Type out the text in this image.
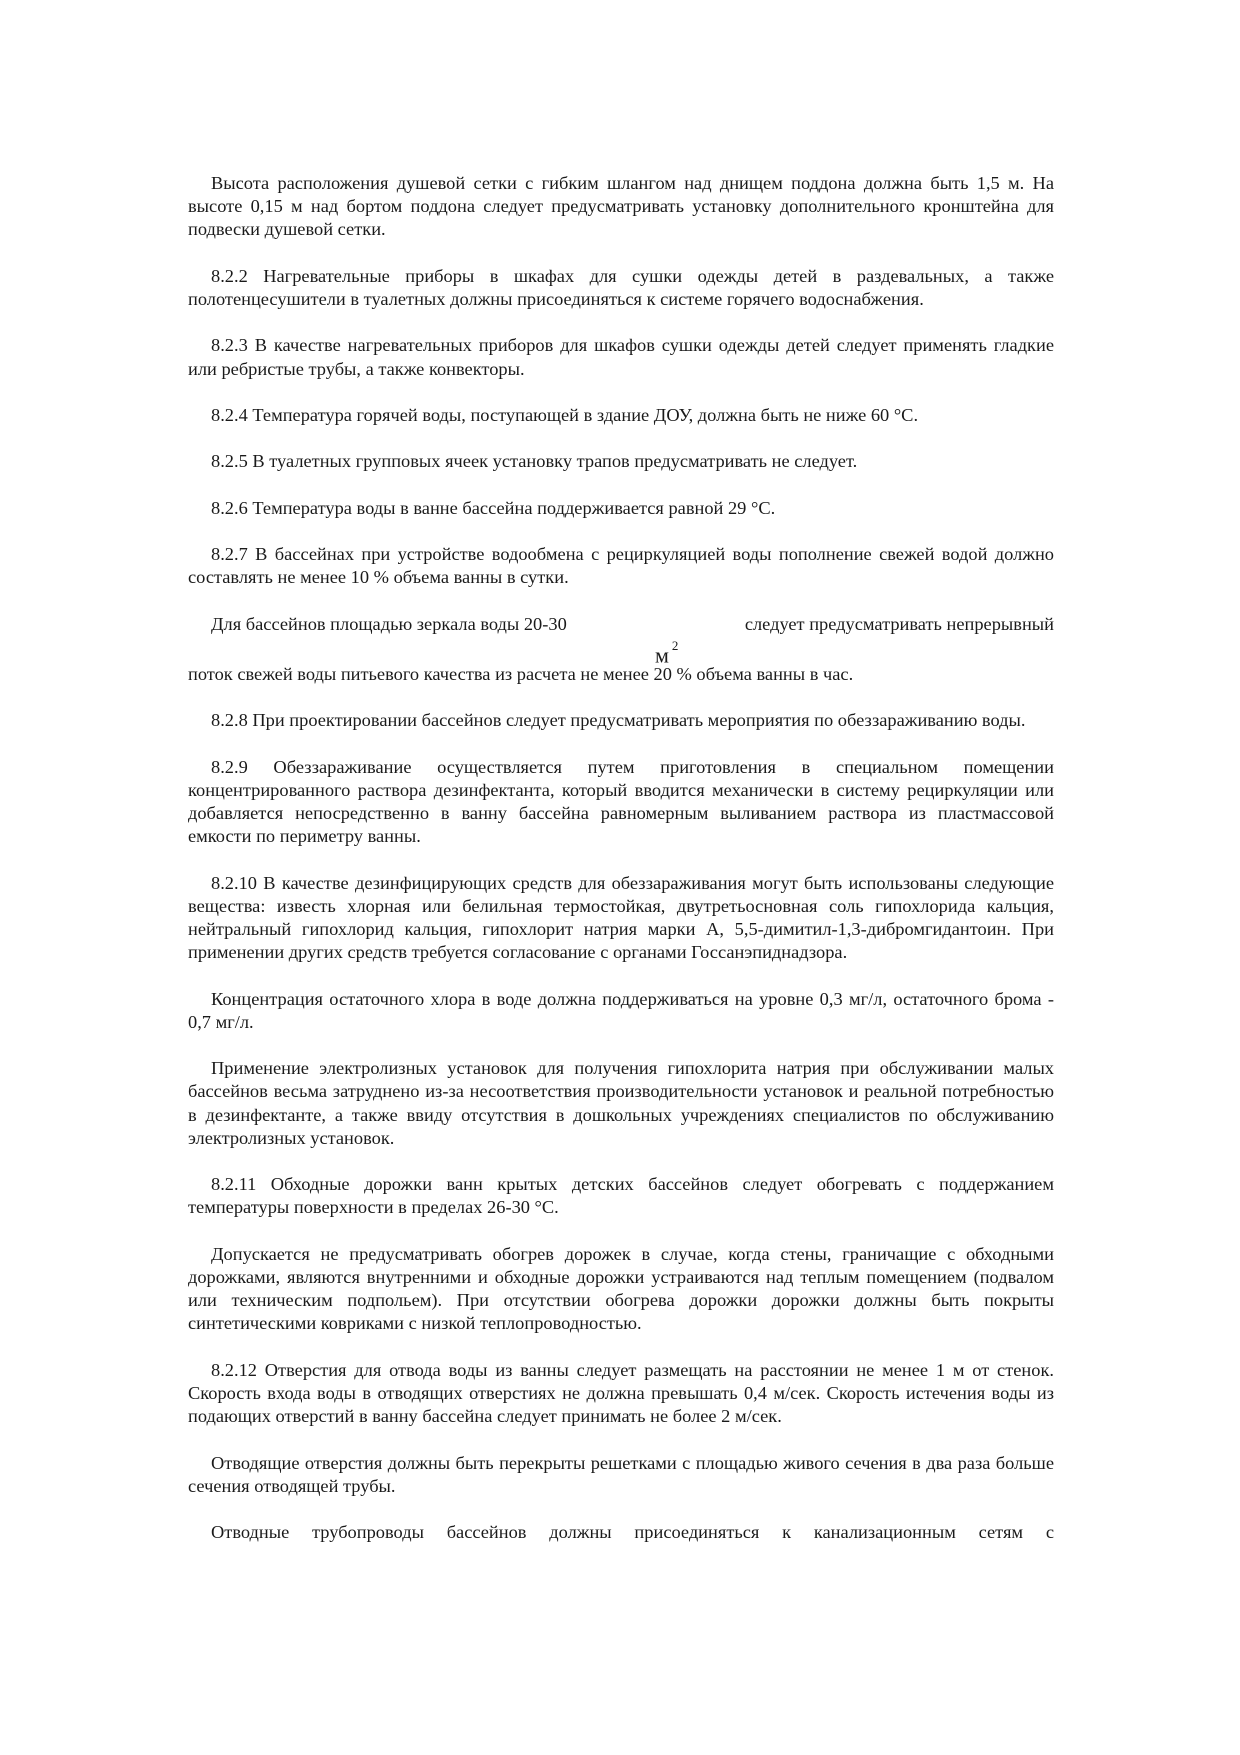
Высота расположения душевой сетки с гибким шлангом над днищем поддона должна быть 1,5 м. На высоте 0,15 м над бортом поддона следует предусматривать установку дополнительного кронштейна для подвески душевой сетки.

8.2.2 Нагревательные приборы в шкафах для сушки одежды детей в раздевальных, а также полотенцесушители в туалетных должны присоединяться к системе горячего водоснабжения.

8.2.3 В качестве нагревательных приборов для шкафов сушки одежды детей следует применять гладкие или ребристые трубы, а также конвекторы.

8.2.4 Температура горячей воды, поступающей в здание ДОУ, должна быть не ниже 60 °С.

8.2.5 В туалетных групповых ячеек установку трапов предусматривать не следует.

8.2.6 Температура воды в ванне бассейна поддерживается равной 29 °С.

8.2.7 В бассейнах при устройстве водообмена с рециркуляцией воды пополнение свежей водой должно составлять не менее 10 % объема ванны в сутки.

Для бассейнов площадью зеркала воды 20-30
м $^2$
следует предусматривать непрерывный

поток свежей воды питьевого качества из расчета не менее 20 % объема ванны в час.

8.2.8 При проектировании бассейнов следует предусматривать мероприятия по обеззараживанию воды.

8.2.9 Обеззараживание осуществляется путем приготовления в специальном помещении концентрированного раствора дезинфектанта, который вводится механически в систему рециркуляции или добавляется непосредственно в ванну бассейна равномерным выливанием раствора из пластмассовой емкости по периметру ванны.

8.2.10 В качестве дезинфицирующих средств для обеззараживания могут быть использованы следующие вещества: известь хлорная или белильная термостойкая, двутретьосновная соль гипохлорида кальция, нейтральный гипохлорид кальция, гипохлорит натрия марки А, 5,5-димитил-1,3-дибромгидантоин. При применении других средств требуется согласование с органами Госсанэпиднадзора.

Концентрация остаточного хлора в воде должна поддерживаться на уровне 0,3 мг/л, остаточного брома - 0,7 мг/л.

Применение электролизных установок для получения гипохлорита натрия при обслуживании малых бассейнов весьма затруднено из-за несоответствия производительности установок и реальной потребностью в дезинфектанте, а также ввиду отсутствия в дошкольных учреждениях специалистов по обслуживанию электролизных установок.

8.2.11 Обходные дорожки ванн крытых детских бассейнов следует обогревать с поддержанием температуры поверхности в пределах 26-30 °С.

Допускается не предусматривать обогрев дорожек в случае, когда стены, граничащие с обходными дорожками, являются внутренними и обходные дорожки устраиваются над теплым помещением (подвалом или техническим подпольем). При отсутствии обогрева дорожки дорожки должны быть покрыты синтетическими ковриками с низкой теплопроводностью.

8.2.12 Отверстия для отвода воды из ванны следует размещать на расстоянии не менее 1 м от стенок. Скорость входа воды в отводящих отверстиях не должна превышать 0,4 м/сек. Скорость истечения воды из подающих отверстий в ванну бассейна следует принимать не более 2 м/сек.

Отводящие отверстия должны быть перекрыты решетками с площадью живого сечения в два раза больше сечения отводящей трубы.

Отводные трубопроводы бассейнов должны присоединяться к канализационным сетям с
